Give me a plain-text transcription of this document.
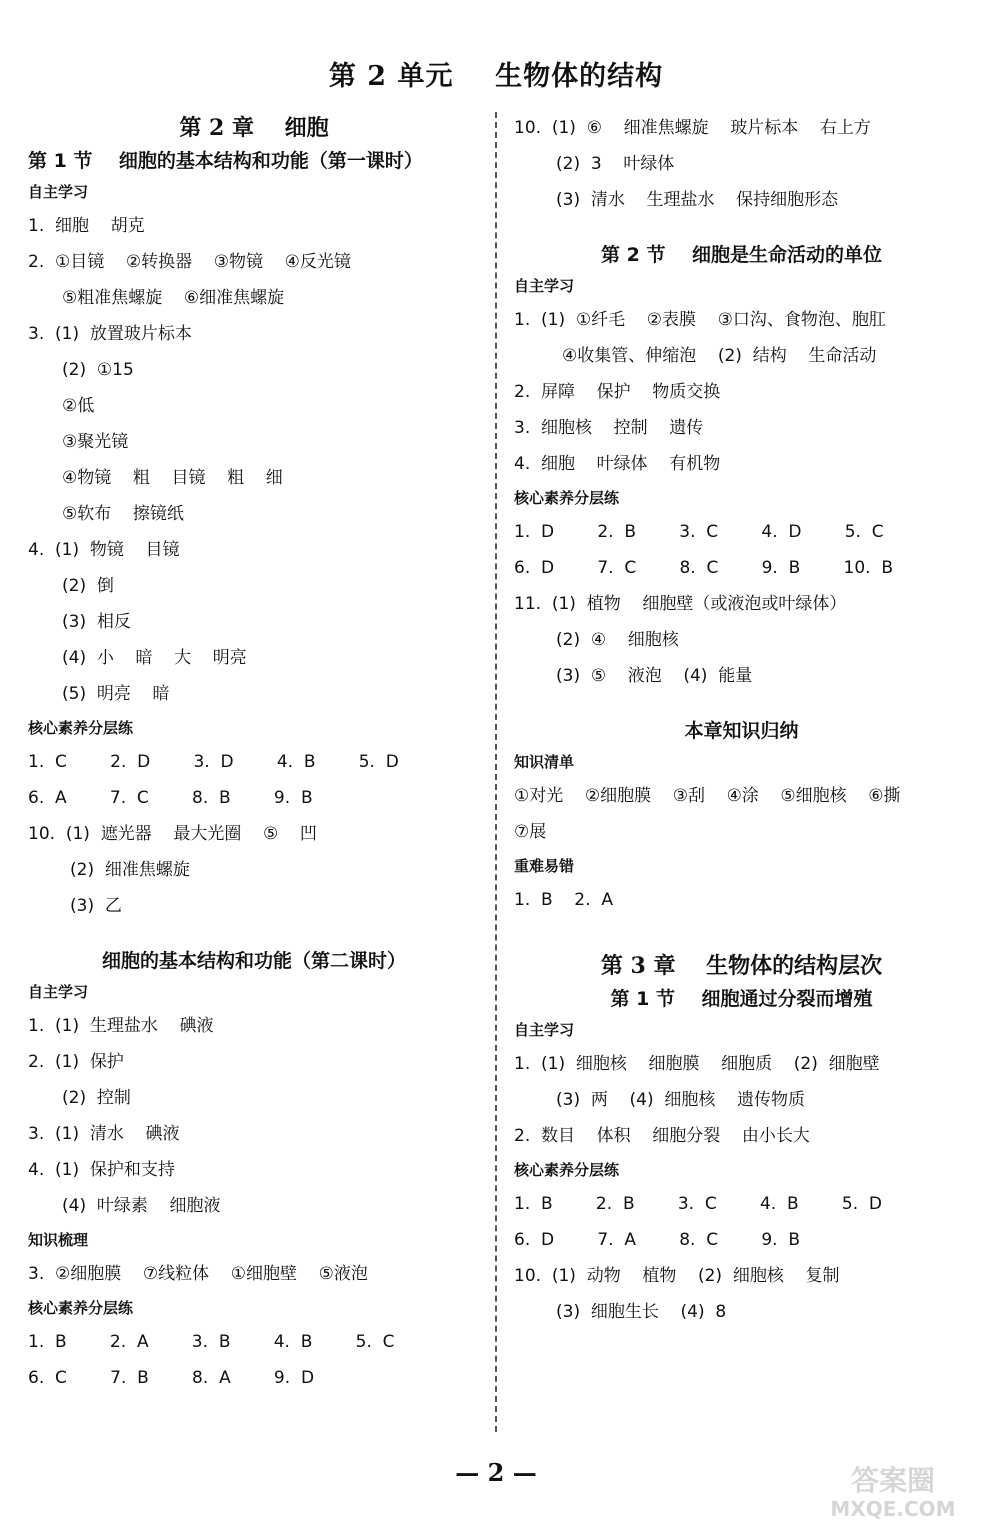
第 2 单元    生物体的结构
第 2 章    细胞
第 1 节    细胞的基本结构和功能（第一课时）
自主学习
1.  细胞    胡克
2.  ①目镜    ②转换器    ③物镜    ④反光镜
⑤粗准焦螺旋    ⑥细准焦螺旋
3.  (1)  放置玻片标本
(2)  ①15
②低
③聚光镜
④物镜    粗    目镜    粗    细
⑤软布    擦镜纸
4.  (1)  物镜    目镜
(2)  倒
(3)  相反
(4)  小    暗    大    明亮
(5)  明亮    暗
核心素养分层练
1.  C        2.  D        3.  D        4.  B        5.  D
6.  A        7.  C        8.  B        9.  B
10.  (1)  遮光器    最大光圈    ⑤    凹
(2)  细准焦螺旋
(3)  乙
细胞的基本结构和功能（第二课时）
自主学习
1.  (1)  生理盐水    碘液
2.  (1)  保护
(2)  控制
3.  (1)  清水    碘液
4.  (1)  保护和支持
(4)  叶绿素    细胞液
知识梳理
3.  ②细胞膜    ⑦线粒体    ①细胞壁    ⑤液泡
核心素养分层练
1.  B        2.  A        3.  B        4.  B        5.  C
6.  C        7.  B        8.  A        9.  D
10.  (1)  ⑥    细准焦螺旋    玻片标本    右上方
(2)  3    叶绿体
(3)  清水    生理盐水    保持细胞形态
第 2 节    细胞是生命活动的单位
自主学习
1.  (1)  ①纤毛    ②表膜    ③口沟、食物泡、胞肛
④收集管、伸缩泡    (2)  结构    生命活动
2.  屏障    保护    物质交换
3.  细胞核    控制    遗传
4.  细胞    叶绿体    有机物
核心素养分层练
1.  D        2.  B        3.  C        4.  D        5.  C
6.  D        7.  C        8.  C        9.  B        10.  B
11.  (1)  植物    细胞壁（或液泡或叶绿体）
(2)  ④    细胞核
(3)  ⑤    液泡    (4)  能量
本章知识归纳
知识清单
①对光    ②细胞膜    ③刮    ④涂    ⑤细胞核    ⑥撕
⑦展
重难易错
1.  B    2.  A
第 3 章    生物体的结构层次
第 1 节    细胞通过分裂而增殖
自主学习
1.  (1)  细胞核    细胞膜    细胞质    (2)  细胞壁
(3)  两    (4)  细胞核    遗传物质
2.  数目    体积    细胞分裂    由小长大
核心素养分层练
1.  B        2.  B        3.  C        4.  B        5.  D
6.  D        7.  A        8.  C        9.  B
10.  (1)  动物    植物    (2)  细胞核    复制
(3)  细胞生长    (4)  8
— 2 —	答案圈
MXQE.COM
